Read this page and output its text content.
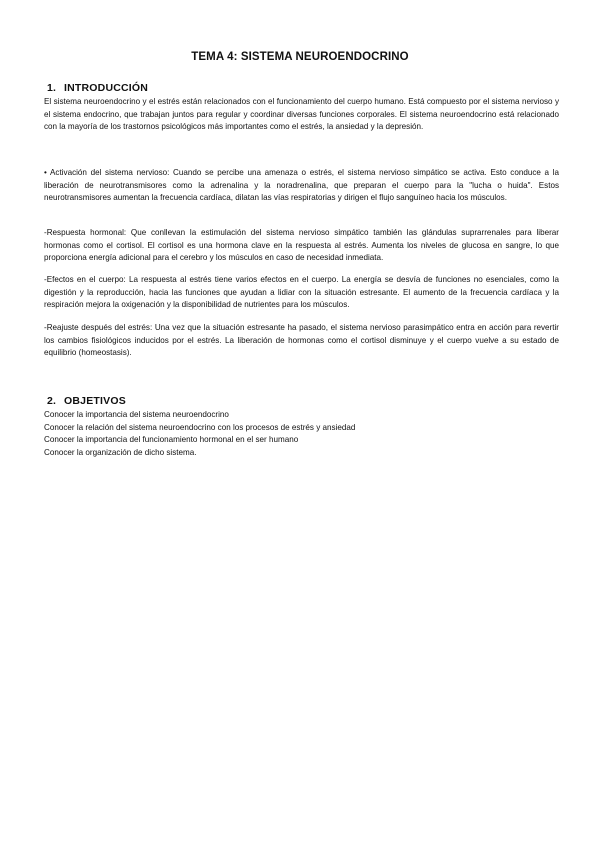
TEMA 4: SISTEMA NEUROENDOCRINO
1. INTRODUCCIÓN

El sistema neuroendocrino y el estrés están relacionados con el funcionamiento del cuerpo humano. Está compuesto por el sistema nervioso y el sistema endocrino, que trabajan juntos para regular y coordinar diversas funciones corporales. El sistema neuroendocrino está relacionado con la mayoría de los trastornos psicológicos más importantes como el estrés, la ansiedad y la depresión.

• Activación del sistema nervioso: Cuando se percibe una amenaza o estrés, el sistema nervioso simpático se activa. Esto conduce a la liberación de neurotransmisores como la adrenalina y la noradrenalina, que preparan el cuerpo para la "lucha o huida". Estos neurotransmisores aumentan la frecuencia cardíaca, dilatan las vías respiratorias y dirigen el flujo sanguíneo hacia los músculos.

-Respuesta hormonal: Que conllevan la estimulación del sistema nervioso simpático también las glándulas suprarrenales para liberar hormonas como el cortisol. El cortisol es una hormona clave en la respuesta al estrés. Aumenta los niveles de glucosa en sangre, lo que proporciona energía adicional para el cerebro y los músculos en caso de necesidad inmediata.

-Efectos en el cuerpo: La respuesta al estrés tiene varios efectos en el cuerpo. La energía se desvía de funciones no esenciales, como la digestión y la reproducción, hacia las funciones que ayudan a lidiar con la situación estresante. El aumento de la frecuencia cardíaca y la respiración mejora la oxigenación y la disponibilidad de nutrientes para los músculos.

-Reajuste después del estrés: Una vez que la situación estresante ha pasado, el sistema nervioso parasimpático entra en acción para revertir los cambios fisiológicos inducidos por el estrés. La liberación de hormonas como el cortisol disminuye y el cuerpo vuelve a su estado de equilibrio (homeostasis).

2. OBJETIVOS
Conocer la importancia del sistema neuroendocrino
Conocer la relación del sistema neuroendocrino con los procesos de estrés y ansiedad
Conocer la importancia del funcionamiento hormonal en el ser humano
Conocer la organización de dicho sistema.
